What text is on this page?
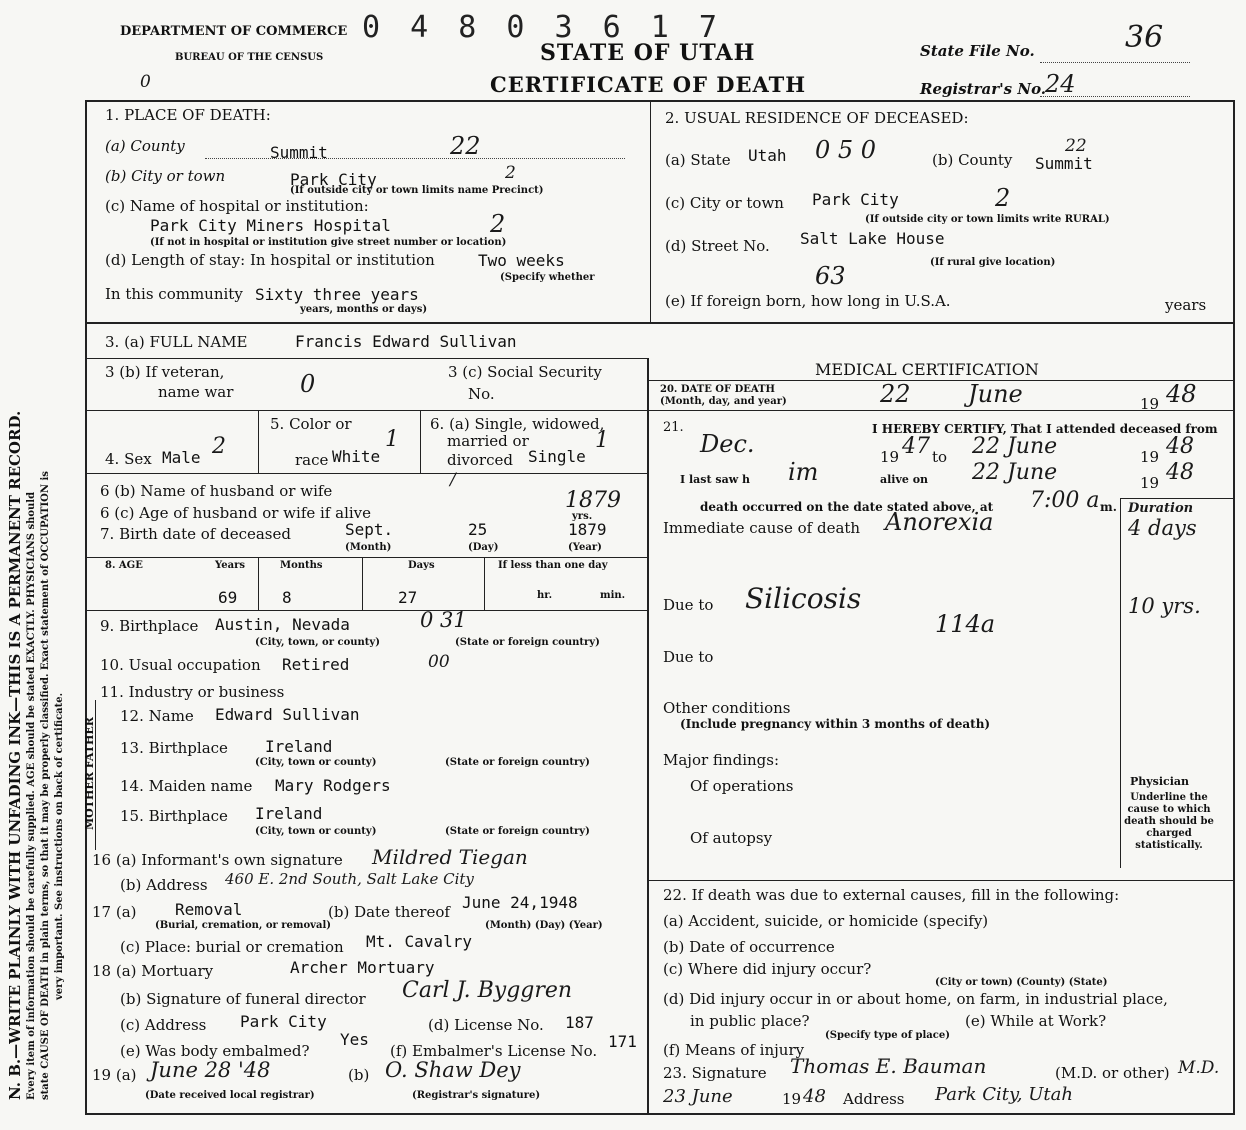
N. B.—WRITE PLAINLY WITH UNFADING INK—THIS IS A PERMANENT RECORD. Every item of information should be carefully supplied. AGE should be stated EXACTLY. PHYSICIANS should state CAUSE OF DEATH in plain terms, so that it may be properly classified. Exact statement of OCCUPATION is very important. See instructions on back of certificate.
DEPARTMENT OF COMMERCE
BUREAU OF THE CENSUS
0 4 8 0 3 6 1 7
STATE OF UTAH
CERTIFICATE OF DEATH
0
State File No.	36
Registrar's No.
24
1. PLACE OF DEATH:
(a) County	Summit	22
(b) City or town	Park City	2
(If outside city or town limits name Precinct)
(c) Name of hospital or institution:
Park City Miners Hospital	2
(If not in hospital or institution give street number or location)
(d) Length of stay: In hospital or institution	Two weeks
(Specify whether
In this community Sixty three years
years, months or days)
2. USUAL RESIDENCE OF DECEASED:
(a) State Utah 0 5 0	(b) County Summit
22
(c) City or town Park City	2
(If outside city or town limits write RURAL)
(d) Street No. Salt Lake House
(If rural give location)
63
(e) If foreign born, how long in U.S.A.	years
3. (a) FULL NAME	Francis Edward Sullivan
3 (b) If veteran,
name war	0	3 (c) Social Security
No.
MEDICAL CERTIFICATION
4. Sex Male 2
5. Color or
race White
1
6. (a) Single, widowed,
married or
divorced Single
1
6 (b) Name of husband or wife
/
6 (c) Age of husband or wife if alive	yrs.
1879
7. Birth date of deceased	Sept.	25	1879
(Month)	(Day)	(Year)
8. AGE	Years	Months	Days	If less than one day
69	8	27	hr.	min.
9. Birthplace Austin, Nevada	0 31
(City, town, or county)	(State or foreign country)
10. Usual occupation Retired	00
11. Industry or business
MOTHER FATHER
12. Name Edward Sullivan
13. Birthplace Ireland
(City, town or county)	(State or foreign country)
14. Maiden name Mary Rodgers
15. Birthplace Ireland
(City, town or county)	(State or foreign country)
16 (a) Informant's own signature Mildred Tiegan
(b) Address 460 E. 2nd South, Salt Lake City
17 (a) Removal
(Burial, cremation, or removal)
(b) Date thereof June 24,1948
(Month) (Day) (Year)
(c) Place: burial or cremation Mt. Cavalry
18 (a) Mortuary	Archer Mortuary
(b) Signature of funeral director Carl J. Byggren
(c) Address Park City	(d) License No. 187
(e) Was body embalmed?
Yes
(f) Embalmer's License No. 171
19 (a) June 28 '48
(Date received local registrar)
(b) O. Shaw Dey
(Registrar's signature)
20. DATE OF DEATH
(Month, day, and year)	22 June	19 48
21.	I HEREBY CERTIFY, That I attended deceased from
Dec.	19 47 to 22 June	19 48
I last saw h im	alive on 22 June	19 48
death occurred on the date stated above, at 7:00 a m. Duration
Immediate cause of death Anorexia	4 days
Due to Silicosis
114a
10 yrs.
Due to
Other conditions
(Include pregnancy within 3 months of death)
Major findings:
Of operations
Of autopsy
Physician
Underline the cause to which death should be charged statistically.
22. If death was due to external causes, fill in the following:
(a) Accident, suicide, or homicide (specify)
(b) Date of occurrence
(c) Where did injury occur?
(City or town) (County) (State)
(d) Did injury occur in or about home, on farm, in industrial place,
in public place?
(Specify type of place)
(e) While at Work?
(f) Means of injury
23. Signature Thomas E. Bauman	(M.D. or other) M.D.
23 June	19 48 Address Park City, Utah
